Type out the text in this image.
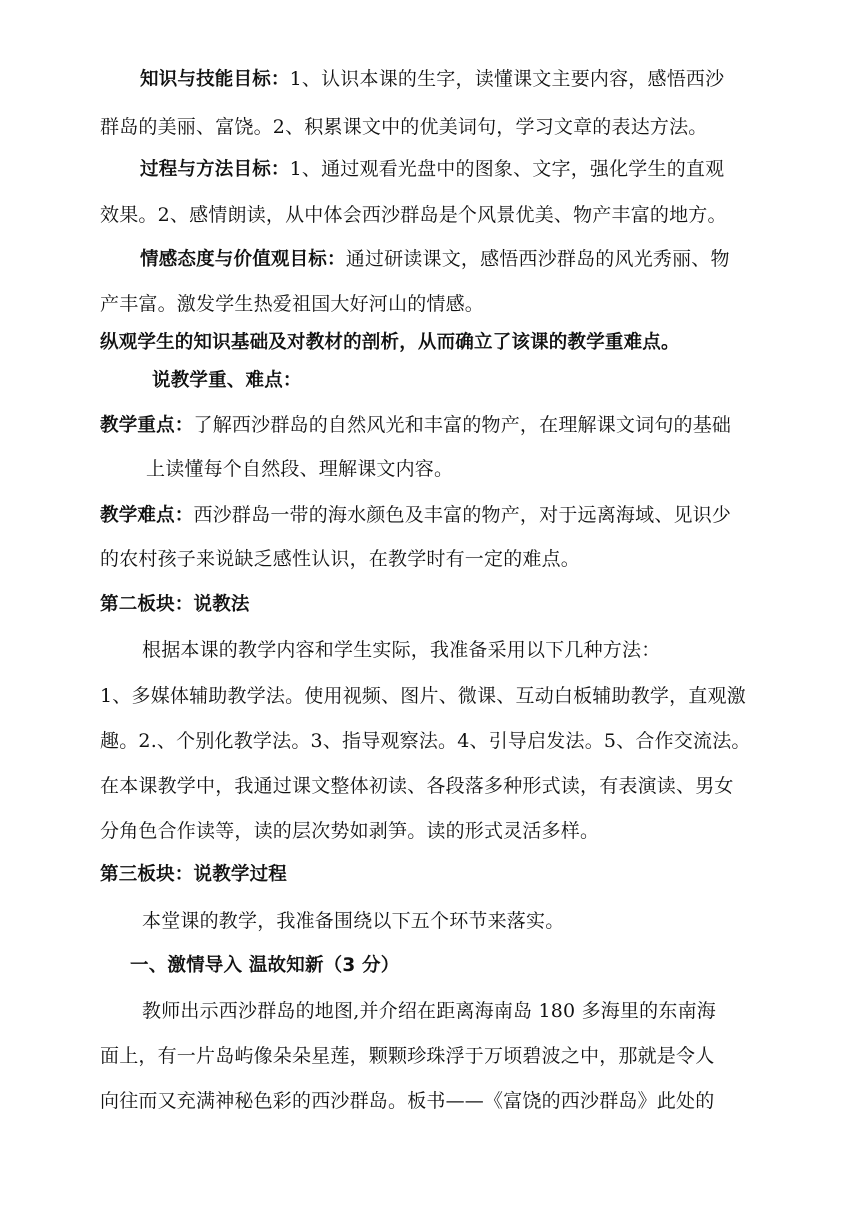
知识与技能目标：1、认识本课的生字，读懂课文主要内容，感悟西沙
群岛的美丽、富饶。2、积累课文中的优美词句，学习文章的表达方法。
过程与方法目标：1、通过观看光盘中的图象、文字，强化学生的直观
效果。2、感情朗读，从中体会西沙群岛是个风景优美、物产丰富的地方。
情感态度与价值观目标：通过研读课文，感悟西沙群岛的风光秀丽、物
产丰富。激发学生热爱祖国大好河山的情感。
纵观学生的知识基础及对教材的剖析，从而确立了该课的教学重难点。
说教学重、难点：
教学重点：了解西沙群岛的自然风光和丰富的物产，在理解课文词句的基础
上读懂每个自然段、理解课文内容。
教学难点：西沙群岛一带的海水颜色及丰富的物产，对于远离海域、见识少
的农村孩子来说缺乏感性认识，在教学时有一定的难点。
第二板块：说教法
根据本课的教学内容和学生实际，我准备采用以下几种方法：
1、多媒体辅助教学法。使用视频、图片、微课、互动白板辅助教学，直观激
趣。2.、个别化教学法。3、指导观察法。4、引导启发法。5、合作交流法。
在本课教学中，我通过课文整体初读、各段落多种形式读，有表演读、男女
分角色合作读等，读的层次势如剥笋。读的形式灵活多样。
第三板块：说教学过程
本堂课的教学，我准备围绕以下五个环节来落实。
一、激情导入 温故知新（3 分）
教师出示西沙群岛的地图,并介绍在距离海南岛 180 多海里的东南海
面上，有一片岛屿像朵朵星莲，颗颗珍珠浮于万顷碧波之中，那就是令人
向往而又充满神秘色彩的西沙群岛。板书——《富饶的西沙群岛》此处的
